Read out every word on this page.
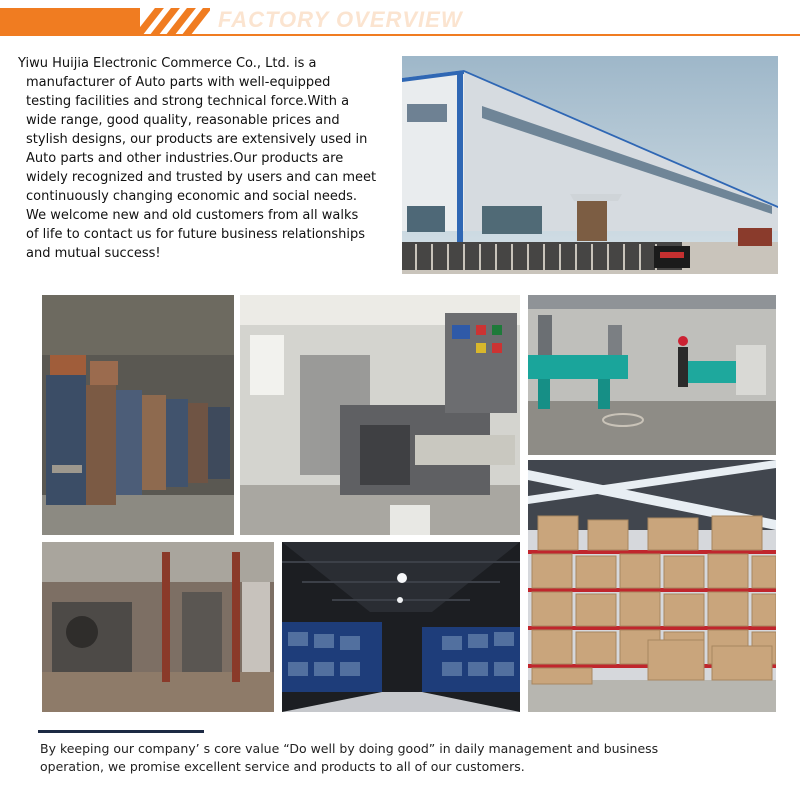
FACTORY OVERVIEW
Yiwu Huijia Electronic Commerce Co., Ltd. is a
manufacturer of Auto parts with well-equipped
testing facilities and strong technical force.With a
wide range, good quality, reasonable prices and
stylish designs, our products are extensively used in
Auto parts and other industries.Our products are
widely recognized and trusted by users and can meet
continuously changing economic and social needs.
We welcome new and old customers from all walks
of life to contact us for future business relationships
and mutual success!
By keeping our company’ s core value “Do well by doing good” in daily management and business
operation, we promise excellent service and products to all of our customers.
